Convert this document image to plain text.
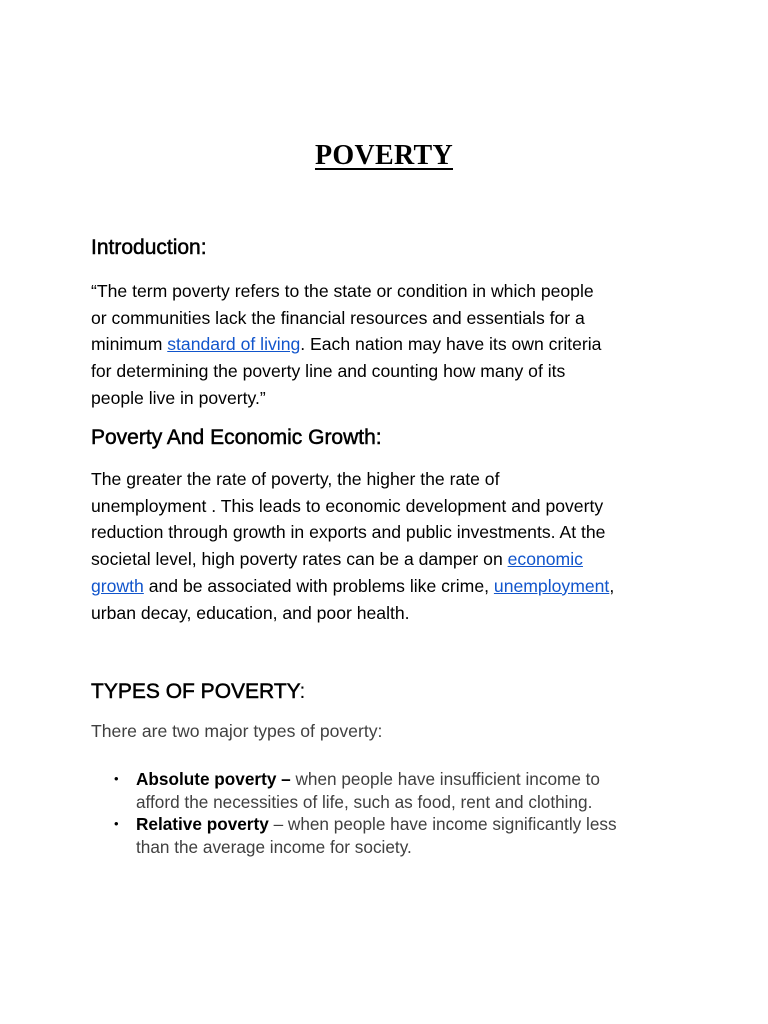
POVERTY
Introduction:
“The term poverty refers to the state or condition in which people
or communities lack the financial resources and essentials for a
minimum standard of living. Each nation may have its own criteria
for determining the poverty line and counting how many of its
people live in poverty.”
Poverty And Economic Growth:
The greater the rate of poverty, the higher the rate of
unemployment . This leads to economic development and poverty
reduction through growth in exports and public investments. At the
societal level, high poverty rates can be a damper on economic
growth and be associated with problems like crime, unemployment,
urban decay, education, and poor health.
TYPES OF POVERTY:
There are two major types of poverty:
• Absolute poverty – when people have insufficient income to
afford the necessities of life, such as food, rent and clothing.
• Relative poverty – when people have income significantly less
than the average income for society.
